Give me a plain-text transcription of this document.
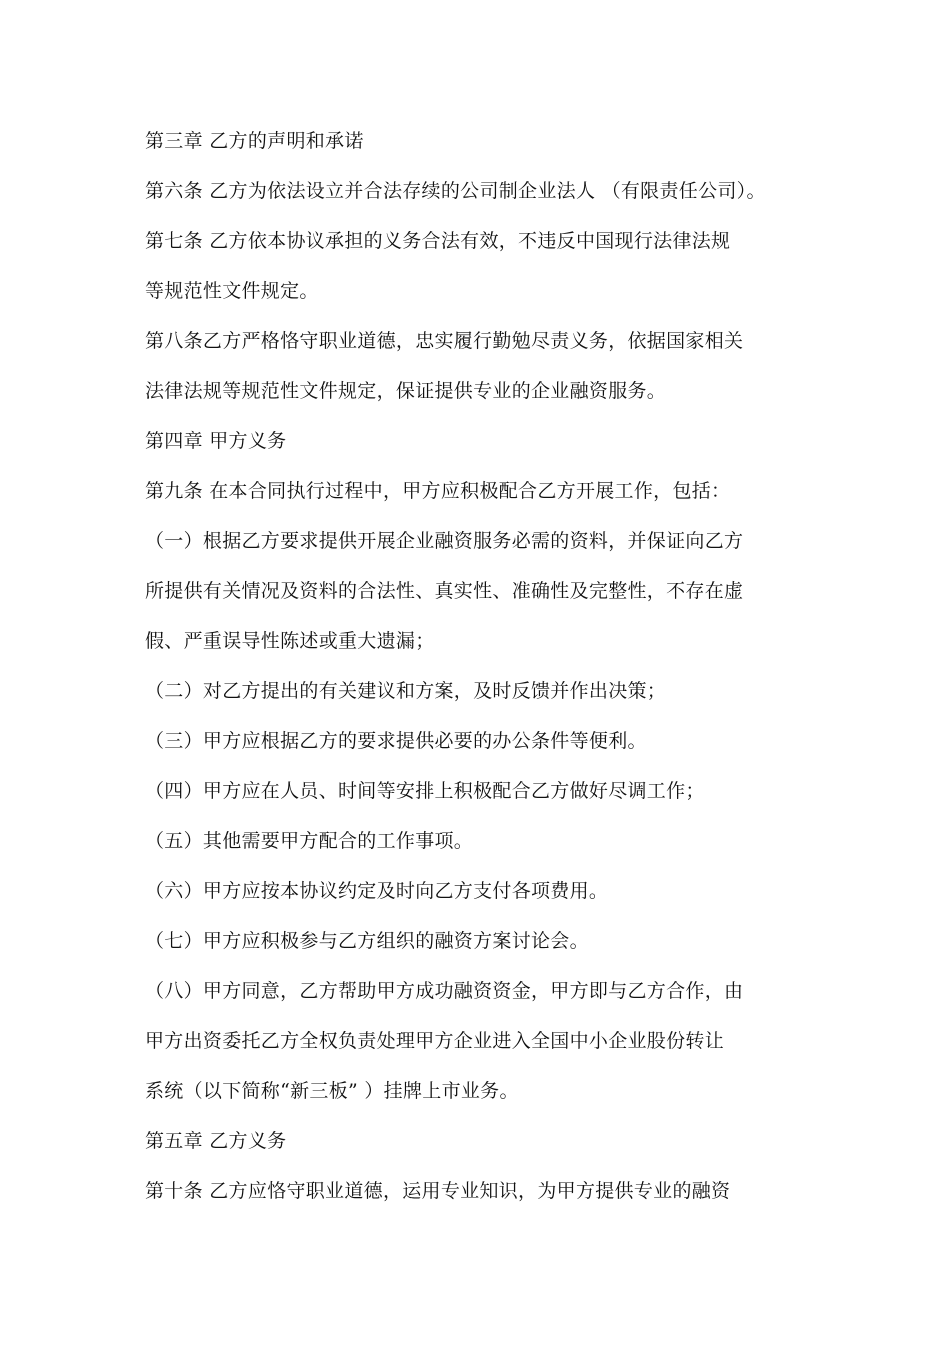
第三章 乙方的声明和承诺
第六条 乙方为依法设立并合法存续的公司制企业法人 （有限责任公司）。
第七条 乙方依本协议承担的义务合法有效，不违反中国现行法律法规
等规范性文件规定。
第八条乙方严格恪守职业道德，忠实履行勤勉尽责义务，依据国家相关
法律法规等规范性文件规定，保证提供专业的企业融资服务。
第四章 甲方义务
第九条 在本合同执行过程中，甲方应积极配合乙方开展工作，包括：
（一）根据乙方要求提供开展企业融资服务必需的资料，并保证向乙方
所提供有关情况及资料的合法性、真实性、准确性及完整性，不存在虚
假、严重误导性陈述或重大遗漏；
（二）对乙方提出的有关建议和方案，及时反馈并作出决策；
（三）甲方应根据乙方的要求提供必要的办公条件等便利。
（四）甲方应在人员、时间等安排上积极配合乙方做好尽调工作；
（五）其他需要甲方配合的工作事项。
（六）甲方应按本协议约定及时向乙方支付各项费用。
（七）甲方应积极参与乙方组织的融资方案讨论会。
（八）甲方同意，乙方帮助甲方成功融资资金，甲方即与乙方合作，由
甲方出资委托乙方全权负责处理甲方企业进入全国中小企业股份转让
系统（以下简称“新三板” ）挂牌上市业务。
第五章 乙方义务
第十条 乙方应恪守职业道德，运用专业知识，为甲方提供专业的融资
